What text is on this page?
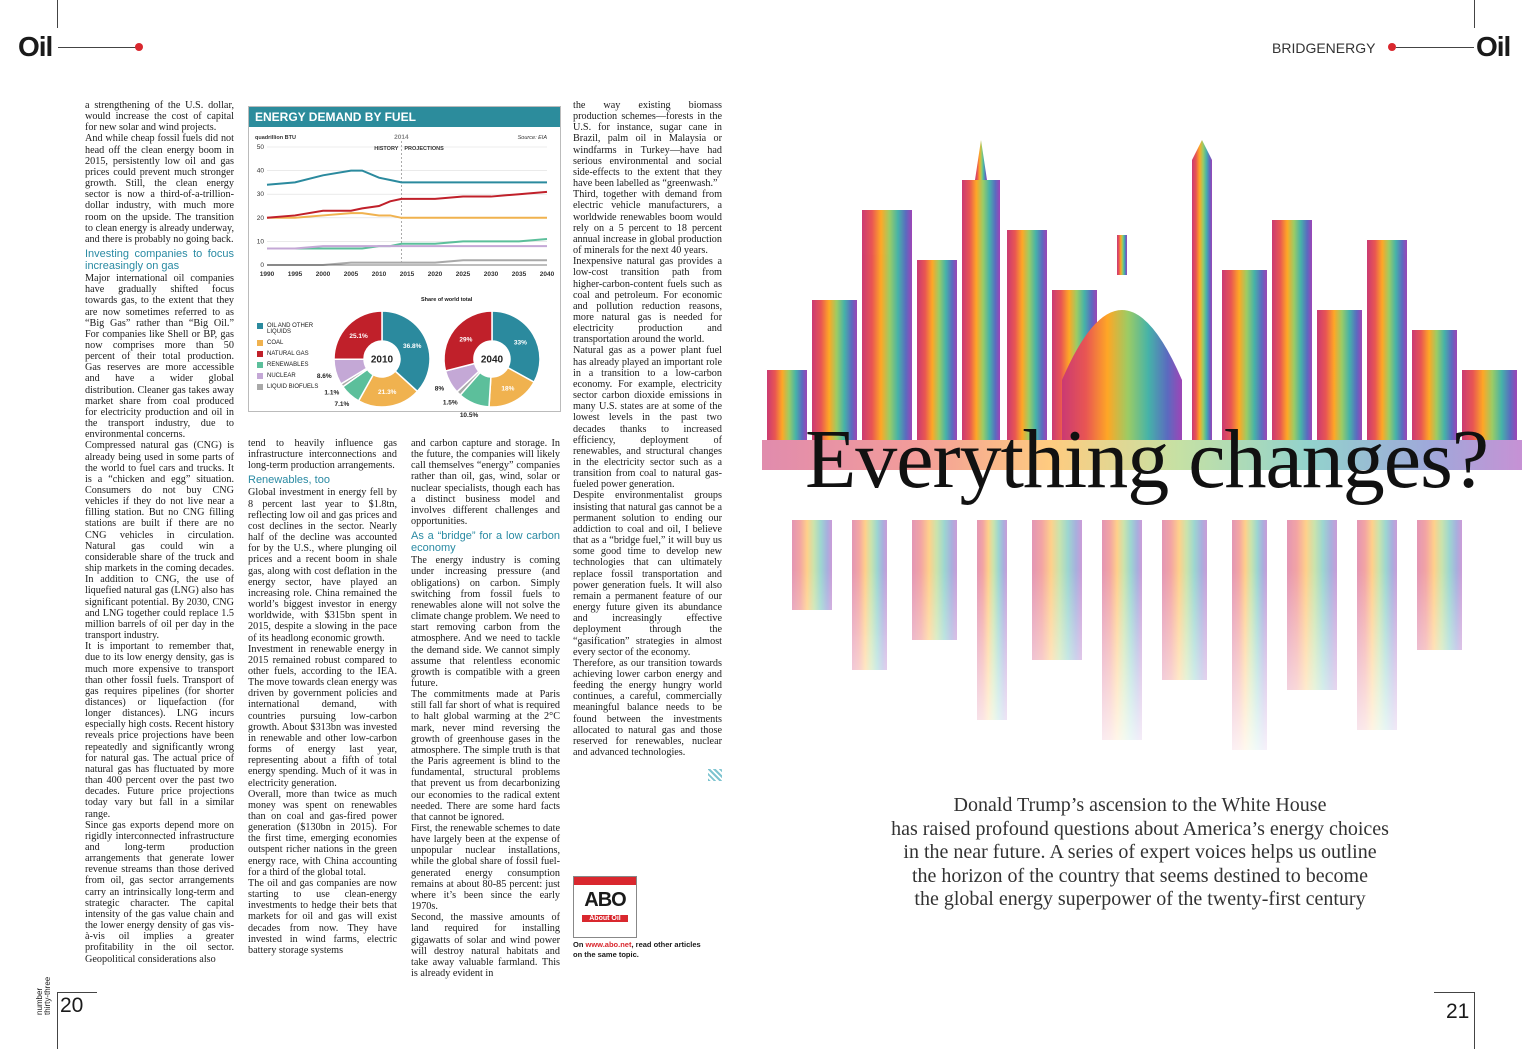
Oil

a strengthening of the U.S. dollar, would increase the cost of capital for new solar and wind projects.

And while cheap fossil fuels did not head off the clean energy boom in 2015, persistently low oil and gas prices could prevent much stronger growth. Still, the clean energy sector is now a third-of-a-trillion-dollar industry, with much more room on the upside. The transition to clean energy is already underway, and there is probably no going back.

Investing companies to focus increasingly on gas

Major international oil companies have gradually shifted focus towards gas, to the extent that they are now sometimes referred to as “Big Gas” rather than “Big Oil.” For companies like Shell or BP, gas now comprises more than 50 percent of their total production. Gas reserves are more accessible and have a wider global distribution. Cleaner gas takes away market share from coal produced for electricity production and oil in the transport industry, due to environmental concerns.

Compressed natural gas (CNG) is already being used in some parts of the world to fuel cars and trucks. It is a “chicken and egg” situation. Consumers do not buy CNG vehicles if they do not live near a filling station. But no CNG filling stations are built if there are no CNG vehicles in circulation. Natural gas could win a considerable share of the truck and ship markets in the coming decades. In addition to CNG, the use of liquefied natural gas (LNG) also has significant potential. By 2030, CNG and LNG together could replace 1.5 million barrels of oil per day in the transport industry.

It is important to remember that, due to its low energy density, gas is much more expensive to transport than other fossil fuels. Transport of gas requires pipelines (for shorter distances) or liquefaction (for longer distances). LNG incurs especially high costs. Recent history reveals price projections have been repeatedly and significantly wrong for natural gas. The actual price of natural gas has fluctuated by more than 400 percent over the past two decades. Future price projections today vary but fall in a similar range.

Since gas exports depend more on rigidly interconnected infrastructure and long-term production arrangements that generate lower revenue streams than those derived from oil, gas sector arrangements carry an intrinsically long-term and strategic character. The capital intensity of the gas value chain and the lower energy density of gas vis-à-vis oil implies a greater profitability in the oil sector. Geopolitical considerations also

ENERGY DEMAND BY FUEL
quadrillion BTU	Source: EIA
0
10
20
30
40
50
1990 1995 2000 2005 2010 2015 2020 2025 2030 2035 2040
2014
HISTORY PROJECTIONS
Share of world total
OIL AND OTHER LIQUIDS
COAL
NATURAL GAS
RENEWABLES
NUCLEAR
LIQUID BIOFUELS
36.8%
21.3%
7.1%
1.1%
8.6%
25.1%
2010
33%
18%
10.5%
1.5%
8%
29%
2040

tend to heavily influence gas infrastructure interconnections and long-term production arrangements.

Renewables, too

Global investment in energy fell by 8 percent last year to $1.8tn, reflecting low oil and gas prices and cost declines in the sector. Nearly half of the decline was accounted for by the U.S., where plunging oil prices and a recent boom in shale gas, along with cost deflation in the energy sector, have played an increasing role. China remained the world’s biggest investor in energy worldwide, with $315bn spent in 2015, despite a slowing in the pace of its headlong economic growth.

Investment in renewable energy in 2015 remained robust compared to other fuels, according to the IEA. The move towards clean energy was driven by government policies and international demand, with countries pursuing low-carbon growth. About $313bn was invested in renewable and other low-carbon forms of energy last year, representing about a fifth of total energy spending. Much of it was in electricity generation.

Overall, more than twice as much money was spent on renewables than on coal and gas-fired power generation ($130bn in 2015). For the first time, emerging economies outspent richer nations in the green energy race, with China accounting for a third of the global total.

The oil and gas companies are now starting to use clean-energy investments to hedge their bets that markets for oil and gas will exist decades from now. They have invested in wind farms, electric battery storage systems

and carbon capture and storage. In the future, the companies will likely call themselves “energy” companies rather than oil, gas, wind, solar or nuclear specialists, though each has a distinct business model and involves different challenges and opportunities.

As a “bridge” for a low carbon economy

The energy industry is coming under increasing pressure (and obligations) on carbon. Simply switching from fossil fuels to renewables alone will not solve the climate change problem. We need to start removing carbon from the atmosphere. And we need to tackle the demand side. We cannot simply assume that relentless economic growth is compatible with a green future.

The commitments made at Paris still fall far short of what is required to halt global warming at the 2°C mark, never mind reversing the growth of greenhouse gases in the atmosphere. The simple truth is that the Paris agreement is blind to the fundamental, structural problems that prevent us from decarbonizing our economies to the radical extent needed. There are some hard facts that cannot be ignored.

First, the renewable schemes to date have largely been at the expense of unpopular nuclear installations, while the global share of fossil fuel-generated energy consumption remains at about 80-85 percent: just where it’s been since the early 1970s.

Second, the massive amounts of land required for installing gigawatts of solar and wind power will destroy natural habitats and take away valuable farmland. This is already evident in

the way existing biomass production schemes—forests in the U.S. for instance, sugar cane in Brazil, palm oil in Malaysia or windfarms in Turkey—have had serious environmental and social side-effects to the extent that they have been labelled as “greenwash.”

Third, together with demand from electric vehicle manufacturers, a worldwide renewables boom would rely on a 5 percent to 18 percent annual increase in global production of minerals for the next 40 years.

Inexpensive natural gas provides a low-cost transition path from higher-carbon-content fuels such as coal and petroleum. For economic and pollution reduction reasons, more natural gas is needed for electricity production and transportation around the world.

Natural gas as a power plant fuel has already played an important role in a transition to a low-carbon economy. For example, electricity sector carbon dioxide emissions in many U.S. states are at some of the lowest levels in the past two decades thanks to increased efficiency, deployment of renewables, and structural changes in the electricity sector such as a transition from coal to natural gas-fueled power generation.

Despite environmentalist groups insisting that natural gas cannot be a permanent solution to ending our addiction to coal and oil, I believe that as a “bridge fuel,” it will buy us some good time to develop new technologies that can ultimately replace fossil transportation and power generation fuels. It will also remain a permanent feature of our energy future given its abundance and increasingly effective deployment through the “gasification” strategies in almost every sector of the economy.

Therefore, as our transition towards achieving lower carbon energy and feeding the energy hungry world continues, a careful, commercially meaningful balance needs to be found between the investments allocated to natural gas and those reserved for renewables, nuclear and advanced technologies.

ABO
About Oil
On www.abo.net, read other articles on the same topic.
number thirty-three 20
BRIDGENERGY	Oil
Everything changes?
Donald Trump’s ascension to the White House
has raised profound questions about America’s energy choices
in the near future. A series of expert voices helps us outline
the horizon of the country that seems destined to become
the global energy superpower of the twenty-first century
21
